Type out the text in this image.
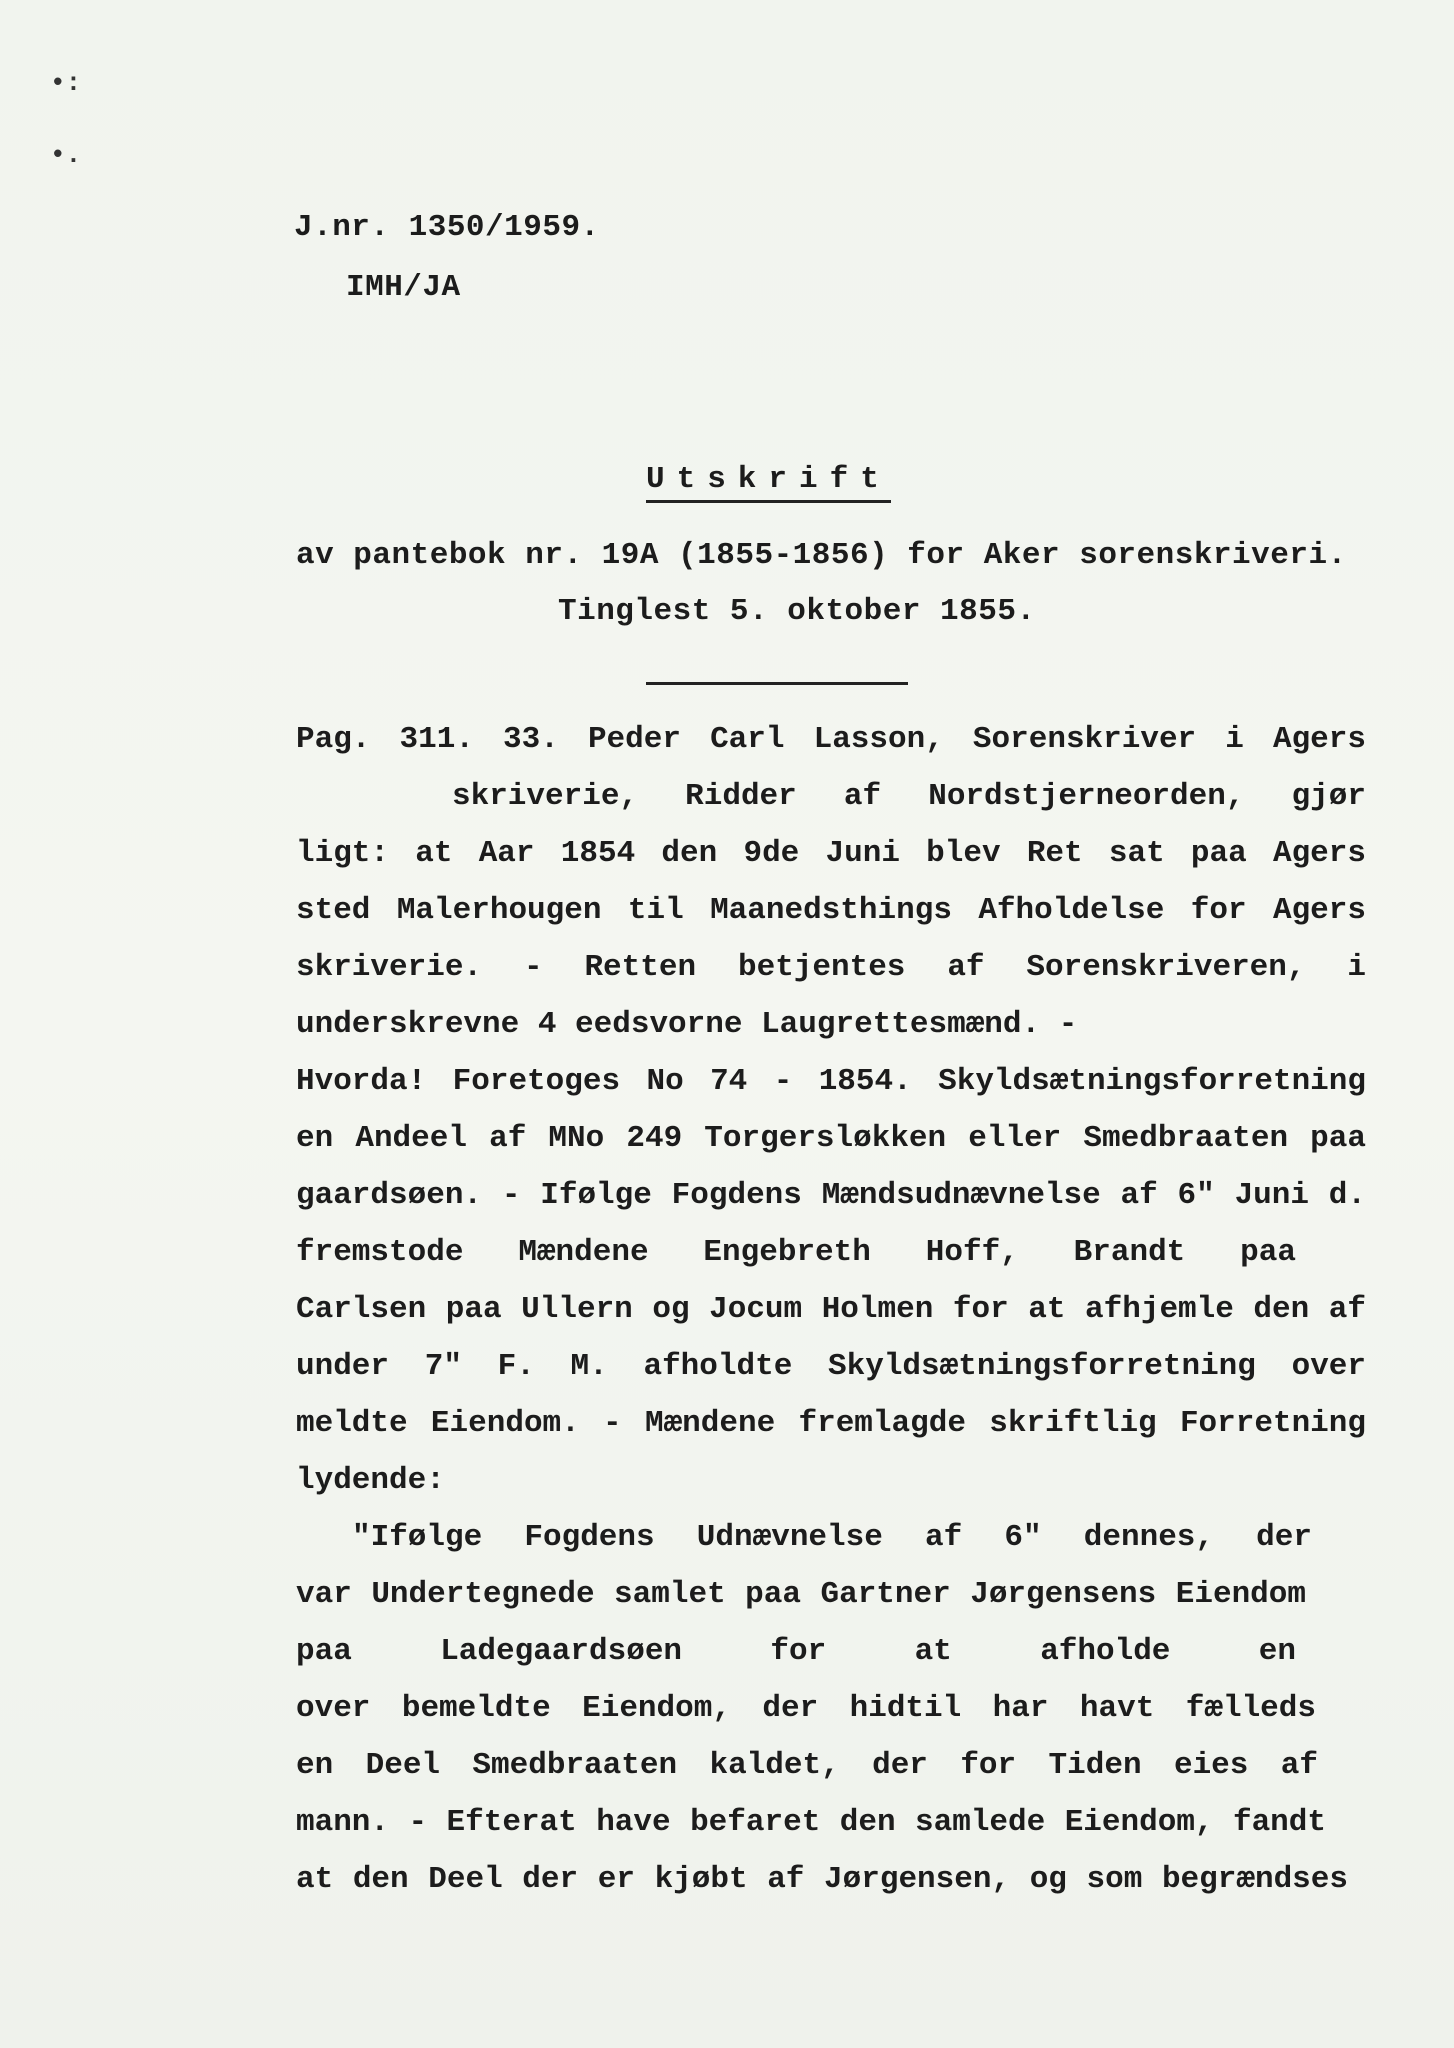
•:
•.
J.nr. 1350/1959.
IMH/JA
Utskrift
av pantebok nr. 19A (1855-1856) for Aker sorenskriveri.
Tinglest 5. oktober 1855.
Pag. 311. 33. Peder Carl Lasson, Sorenskriver i Agers
skriverie, Ridder af Nordstjerneorden, gjør
ligt: at Aar 1854 den 9de Juni blev Ret sat paa Agers
sted Malerhougen til Maanedsthings Afholdelse for Agers
skriverie. - Retten betjentes af Sorenskriveren, i
underskrevne 4 eedsvorne Laugrettesmænd. -
Hvorda! Foretoges No 74 - 1854. Skyldsætningsforretning
en Andeel af MNo 249 Torgersløkken eller Smedbraaten paa
gaardsøen. - Ifølge Fogdens Mændsudnævnelse af 6" Juni d.
fremstode Mændene Engebreth Hoff, Brandt paa
Carlsen paa Ullern og Jocum Holmen for at afhjemle den af
under 7" F. M. afholdte Skyldsætningsforretning over
meldte Eiendom. - Mændene fremlagde skriftlig Forretning
lydende:
"Ifølge Fogdens Udnævnelse af 6" dennes, der
var Undertegnede samlet paa Gartner Jørgensens Eiendom
paa Ladegaardsøen for at afholde en
over bemeldte Eiendom, der hidtil har havt fælleds
en Deel Smedbraaten kaldet, der for Tiden eies af
mann. - Efterat have befaret den samlede Eiendom, fandt
at den Deel der er kjøbt af Jørgensen, og som begrændses
